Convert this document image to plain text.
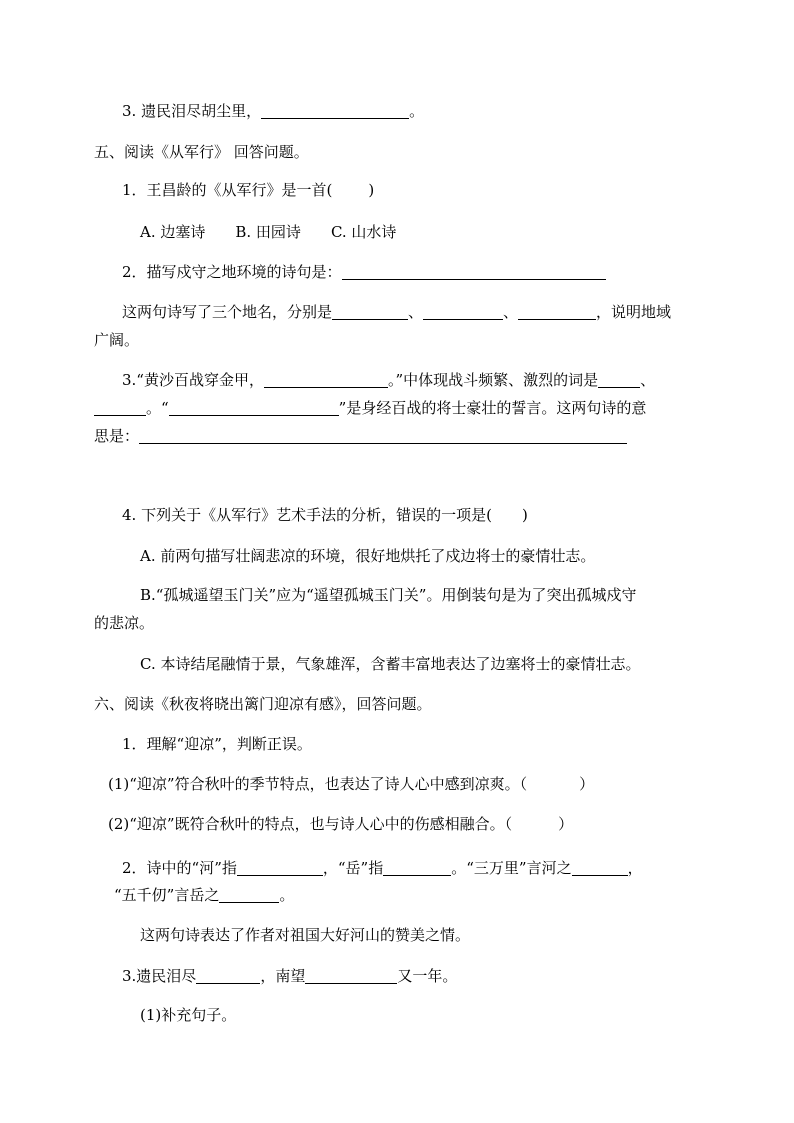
3. 遗民泪尽胡尘里，	。
五、阅读《从军行》 回答问题。
1．王昌龄的《从军行》是一首( )
A. 边塞诗 B. 田园诗 C. 山水诗
2．描写戍守之地环境的诗句是：
这两句诗写了三个地名，分别是	、	、	，说明地域
广阔。
3.“黄沙百战穿金甲，	。”中体现战斗频繁、激烈的词是	、
。“	”是身经百战的将士豪壮的誓言。这两句诗的意
思是：
4. 下列关于《从军行》艺术手法的分析，错误的一项是( )
A. 前两句描写壮阔悲凉的环境，很好地烘托了戍边将士的豪情壮志。
B.“孤城遥望玉门关”应为“遥望孤城玉门关”。用倒装句是为了突出孤城戍守
的悲凉。
C. 本诗结尾融情于景，气象雄浑，含蓄丰富地表达了边塞将士的豪情壮志。
六、阅读《秋夜将晓出篱门迎凉有感》，回答问题。
1．理解“迎凉”，判断正误。
(1)“迎凉”符合秋叶的季节特点，也表达了诗人心中感到凉爽。（	）
(2)“迎凉”既符合秋叶的特点，也与诗人心中的伤感相融合。（	）
2．诗中的“河”指	，“岳”指	。“三万里”言河之	，
“五千仞”言岳之	。
这两句诗表达了作者对祖国大好河山的赞美之情。
3.遗民泪尽	，南望	又一年。
(1)补充句子。
